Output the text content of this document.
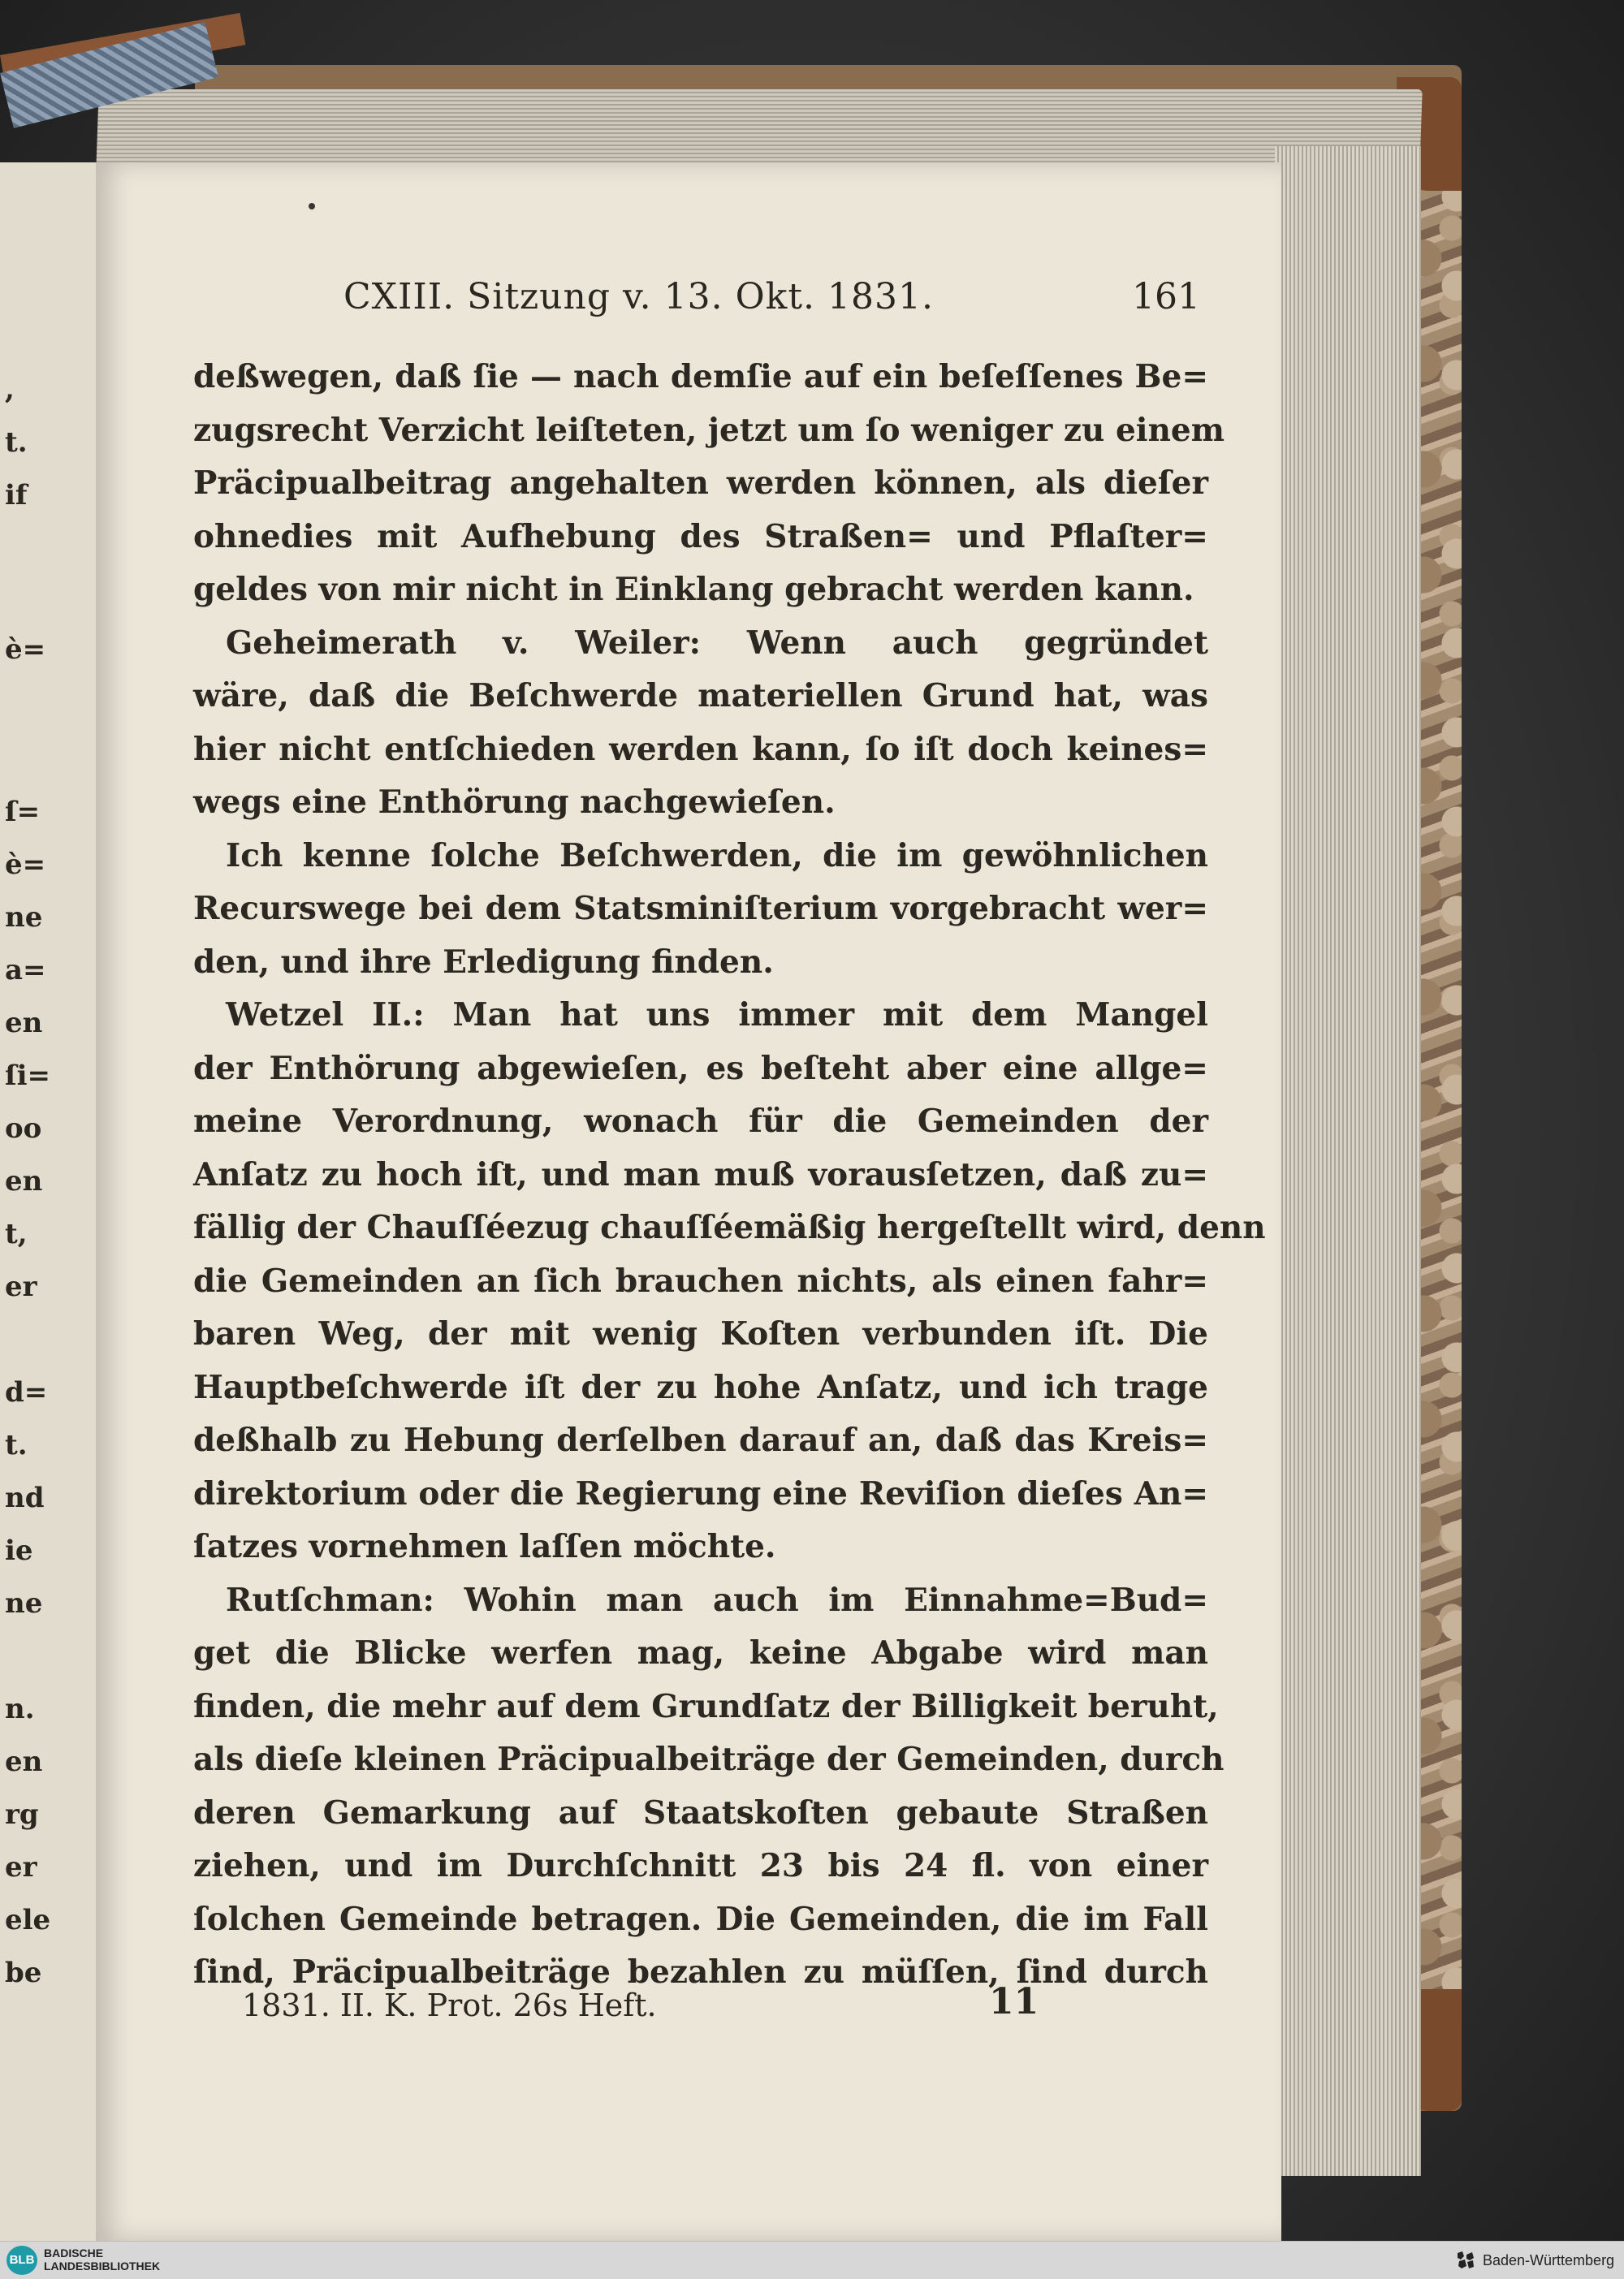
,
t.
if
è=
ſ=
è=
ne
a=
en
ſi=
oo
en
t,
er
d=
t.
nd
ie
ne
n.
en
rg
er
ele
be
CXIII. Sitzung v. 13. Okt. 1831.	161
deßwegen, daß ſie — nach demſie auf ein beſeſſenes Be=
zugsrecht Verzicht leiſteten, jetzt um ſo weniger zu einem
Präcipualbeitrag angehalten werden können, als dieſer
ohnedies mit Aufhebung des Straßen= und Pflaſter=
geldes von mir nicht in Einklang gebracht werden kann.
Geheimerath v. Weiler: Wenn auch gegründet
wäre, daß die Beſchwerde materiellen Grund hat, was
hier nicht entſchieden werden kann, ſo iſt doch keines=
wegs eine Enthörung nachgewieſen.
Ich kenne ſolche Beſchwerden, die im gewöhnlichen
Recurswege bei dem Statsminiſterium vorgebracht wer=
den, und ihre Erledigung finden.
Wetzel II.: Man hat uns immer mit dem Mangel
der Enthörung abgewieſen, es beſteht aber eine allge=
meine Verordnung, wonach für die Gemeinden der
Anſatz zu hoch iſt, und man muß vorausſetzen, daß zu=
fällig der Chauſſéezug chauſſéemäßig hergeſtellt wird, denn
die Gemeinden an ſich brauchen nichts, als einen fahr=
baren Weg, der mit wenig Koſten verbunden iſt. Die
Hauptbeſchwerde iſt der zu hohe Anſatz, und ich trage
deßhalb zu Hebung derſelben darauf an, daß das Kreis=
direktorium oder die Regierung eine Reviſion dieſes An=
ſatzes vornehmen laſſen möchte.
Rutſchman: Wohin man auch im Einnahme=Bud=
get die Blicke werfen mag, keine Abgabe wird man
finden, die mehr auf dem Grundſatz der Billigkeit beruht,
als dieſe kleinen Präcipualbeiträge der Gemeinden, durch
deren Gemarkung auf Staatskoſten gebaute Straßen
ziehen, und im Durchſchnitt 23 bis 24 fl. von einer
ſolchen Gemeinde betragen. Die Gemeinden, die im Fall
ſind, Präcipualbeiträge bezahlen zu müſſen, ſind durch
1831. II. K. Prot. 26s Heft.	11
BLB BADISCHE
LANDESBIBLIOTHEK	Baden-Württemberg
